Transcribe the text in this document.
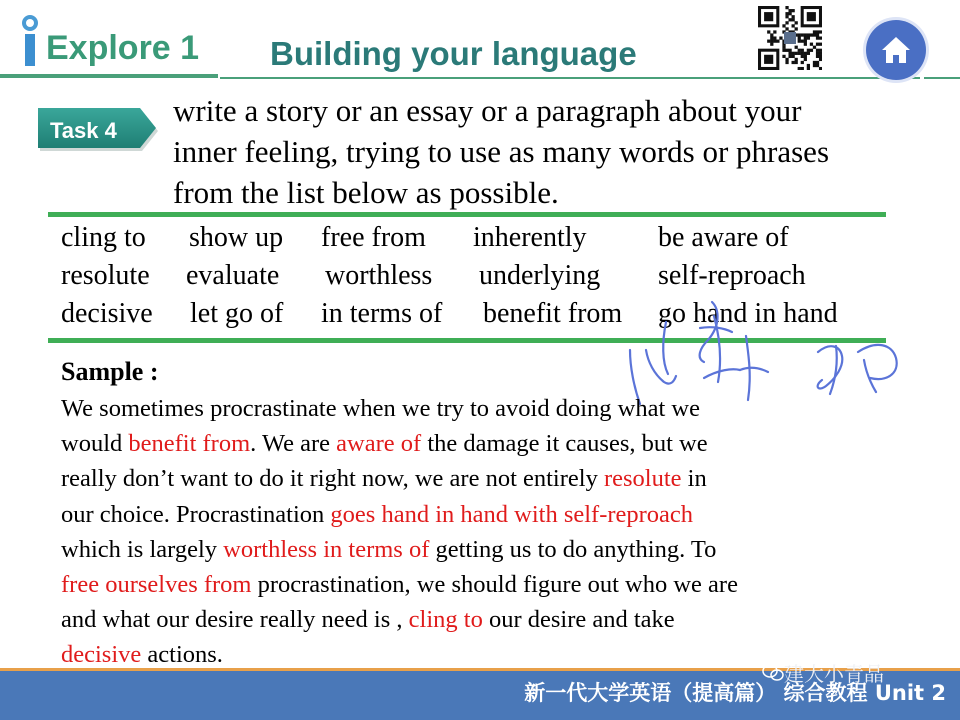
Explore 1 Building your language
Task 4
write a story or an essay or a paragraph about your
inner feeling, trying to use as many words or phrases
from the list below as possible.
cling to show up free from inherently	be aware of
resolute evaluate worthless underlying self-reproach
decisive let go of in terms of benefit from go hand in hand
Sample :
We sometimes procrastinate when we try to avoid doing what we
would benefit from. We are aware of the damage it causes, but we
really don’t want to do it right now, we are not entirely resolute in
our choice. Procrastination goes hand in hand with self-reproach
which is largely worthless in terms of getting us to do anything. To
free ourselves from procrastination, we should figure out who we are
and what our desire really need is , cling to our desire and take
decisive actions.
新一代大学英语（提高篇） 综合教程 Unit 2
建大小青晶
